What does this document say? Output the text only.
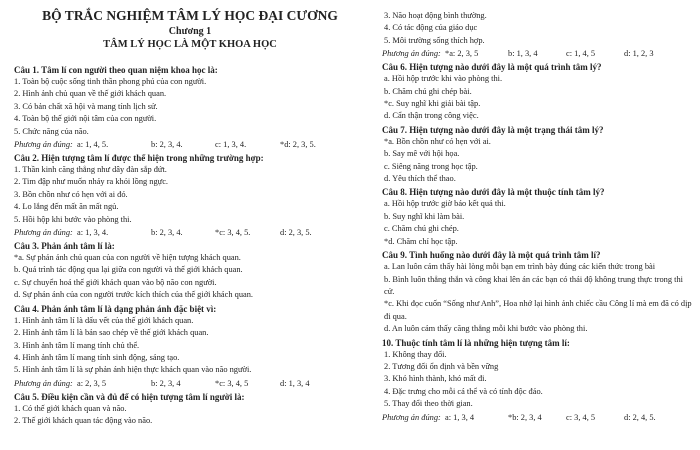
BỘ TRẮC NGHIỆM TÂM LÝ HỌC ĐẠI CƯƠNG
Chương 1
TÂM LÝ HỌC LÀ MỘT KHOA HỌC
Câu 1. Tâm lí con người theo quan niệm khoa học là:
1. Toàn bộ cuộc sống tinh thần phong phú của con người.
2. Hình ảnh chủ quan về thế giới khách quan.
3. Có bản chất xã hội và mang tính lịch sử.
4. Toàn bộ thế giới nội tâm của con người.
5. Chức năng của não.
Phương án đúng: a: 1, 4, 5.	b: 2, 3, 4.	c: 1, 3, 4.	*d: 2, 3, 5.
Câu 2. Hiện tượng tâm lí được thể hiện trong những trường hợp:
1. Thần kinh căng thẳng như dây đàn sắp đứt.
2. Tim đập như muốn nhảy ra khỏi lồng ngực.
3. Bồn chồn như có hẹn với ai đó.
4. Lo lắng đến mất ăn mất ngủ.
5. Hồi hộp khi bước vào phòng thi.
Phương án đúng: a: 1, 3, 4.	b: 2, 3, 4.	*c: 3, 4, 5.	d: 2, 3, 5.
Câu 3. Phản ánh tâm lí là:
*a. Sự phản ánh chủ quan của con người về hiện tượng khách quan.
b. Quá trình tác động qua lại giữa con người và thế giới khách quan.
c. Sự chuyển hoá thế giới khách quan vào bộ não con người.
d. Sự phản ánh của con người trước kích thích của thế giới khách quan.
Câu 4. Phản ánh tâm lí là dạng phản ánh đặc biệt vì:
1. Hình ảnh tâm lí là dấu vết của thế giới khách quan.
2. Hình ảnh tâm lí là bản sao chép về thế giới khách quan.
3. Hình ảnh tâm lí mang tính chủ thể.
4. Hình ảnh tâm lí mang tính sinh động, sáng tạo.
5. Hình ảnh tâm lí là sự phản ánh hiện thực khách quan vào não người.
Phương án đúng: a: 2, 3, 5	b: 2, 3, 4	*c: 3, 4, 5	d: 1, 3, 4
Câu 5. Điều kiện cần và đủ để có hiện tượng tâm lí người là:
1. Có thế giới khách quan và não.
2. Thế giới khách quan tác động vào não.
3. Não hoạt động bình thường.
4. Có tác động của giáo dục
5. Môi trường sống thích hợp.
Phương án đúng: *a: 2, 3, 5	b: 1, 3, 4	c: 1, 4, 5	d: 1, 2, 3
Câu 6. Hiện tượng nào dưới đây là một quá trình tâm lý?
a. Hồi hộp trước khi vào phòng thi.
b. Chăm chú ghi chép bài.
*c. Suy nghĩ khi giải bài tập.
d. Cẩn thận trong công việc.
Câu 7. Hiện tượng nào dưới đây là một trạng thái tâm lý?
*a. Bồn chồn như có hẹn với ai.
b. Say mê với hội họa.
c. Siêng năng trong học tập.
d. Yêu thích thể thao.
Câu 8. Hiện tượng nào dưới đây là một thuộc tính tâm lý?
a. Hồi hộp trước giờ báo kết quả thi.
b. Suy nghĩ khi làm bài.
c. Chăm chú ghi chép.
*d. Chăm chỉ học tập.
Câu 9. Tình huống nào dưới đây là một quá trình tâm lí?
a. Lan luôn cảm thấy hài lòng mỗi bạn em trình bày đúng các kiến thức trong bài
b. Bình luôn thẳng thắn và công khai lên án các bạn có thái độ không trung thực trong thi cử.
*c. Khi đọc cuốn “Sống như Anh”, Hoa nhớ lại hình ảnh chiếc cầu Công lí mà em đã có dịp đi qua.
d. An luôn cảm thấy căng thẳng mỗi khi bước vào phòng thi.
10. Thuộc tính tâm lí là những hiện tượng tâm lí:
1. Không thay đổi.
2. Tương đối ổn định và bền vững
3. Khó hình thành, khó mất đi.
4. Đặc trưng cho mỗi cá thể và có tính độc đáo.
5. Thay đổi theo thời gian.
Phương án đúng: a: 1, 3, 4	*b: 2, 3, 4	c: 3, 4, 5	d: 2, 4, 5.
